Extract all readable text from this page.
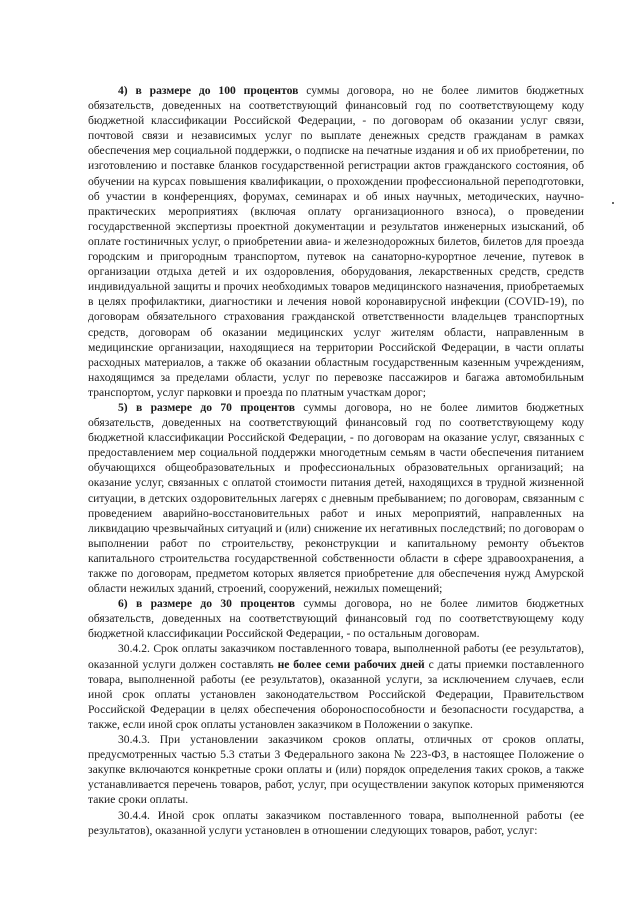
4) в размере до 100 процентов суммы договора, но не более лимитов бюджетных обязательств, доведенных на соответствующий финансовый год по соответствующему коду бюджетной классификации Российской Федерации, - по договорам об оказании услуг связи, почтовой связи и независимых услуг по выплате денежных средств гражданам в рамках обеспечения мер социальной поддержки, о подписке на печатные издания и об их приобретении, по изготовлению и поставке бланков государственной регистрации актов гражданского состояния, об обучении на курсах повышения квалификации, о прохождении профессиональной переподготовки, об участии в конференциях, форумах, семинарах и об иных научных, методических, научно-практических мероприятиях (включая оплату организационного взноса), о проведении государственной экспертизы проектной документации и результатов инженерных изысканий, об оплате гостиничных услуг, о приобретении авиа- и железнодорожных билетов, билетов для проезда городским и пригородным транспортом, путевок на санаторно-курортное лечение, путевок в организации отдыха детей и их оздоровления, оборудования, лекарственных средств, средств индивидуальной защиты и прочих необходимых товаров медицинского назначения, приобретаемых в целях профилактики, диагностики и лечения новой коронавирусной инфекции (COVID-19), по договорам обязательного страхования гражданской ответственности владельцев транспортных средств, договорам об оказании медицинских услуг жителям области, направленным в медицинские организации, находящиеся на территории Российской Федерации, в части оплаты расходных материалов, а также об оказании областным государственным казенным учреждениям, находящимся за пределами области, услуг по перевозке пассажиров и багажа автомобильным транспортом, услуг парковки и проезда по платным участкам дорог;

5) в размере до 70 процентов суммы договора, но не более лимитов бюджетных обязательств, доведенных на соответствующий финансовый год по соответствующему коду бюджетной классификации Российской Федерации, - по договорам на оказание услуг, связанных с предоставлением мер социальной поддержки многодетным семьям в части обеспечения питанием обучающихся общеобразовательных и профессиональных образовательных организаций; на оказание услуг, связанных с оплатой стоимости питания детей, находящихся в трудной жизненной ситуации, в детских оздоровительных лагерях с дневным пребыванием; по договорам, связанным с проведением аварийно-восстановительных работ и иных мероприятий, направленных на ликвидацию чрезвычайных ситуаций и (или) снижение их негативных последствий; по договорам о выполнении работ по строительству, реконструкции и капитальному ремонту объектов капитального строительства государственной собственности области в сфере здравоохранения, а также по договорам, предметом которых является приобретение для обеспечения нужд Амурской области нежилых зданий, строений, сооружений, нежилых помещений;

6) в размере до 30 процентов суммы договора, но не более лимитов бюджетных обязательств, доведенных на соответствующий финансовый год по соответствующему коду бюджетной классификации Российской Федерации, - по остальным договорам.

30.4.2. Срок оплаты заказчиком поставленного товара, выполненной работы (ее результатов), оказанной услуги должен составлять не более семи рабочих дней с даты приемки поставленного товара, выполненной работы (ее результатов), оказанной услуги, за исключением случаев, если иной срок оплаты установлен законодательством Российской Федерации, Правительством Российской Федерации в целях обеспечения обороноспособности и безопасности государства, а также, если иной срок оплаты установлен заказчиком в Положении о закупке.

30.4.3. При установлении заказчиком сроков оплаты, отличных от сроков оплаты, предусмотренных частью 5.3 статьи 3 Федерального закона № 223-ФЗ, в настоящее Положение о закупке включаются конкретные сроки оплаты и (или) порядок определения таких сроков, а также устанавливается перечень товаров, работ, услуг, при осуществлении закупок которых применяются такие сроки оплаты.

30.4.4. Иной срок оплаты заказчиком поставленного товара, выполненной работы (ее результатов), оказанной услуги установлен в отношении следующих товаров, работ, услуг:
